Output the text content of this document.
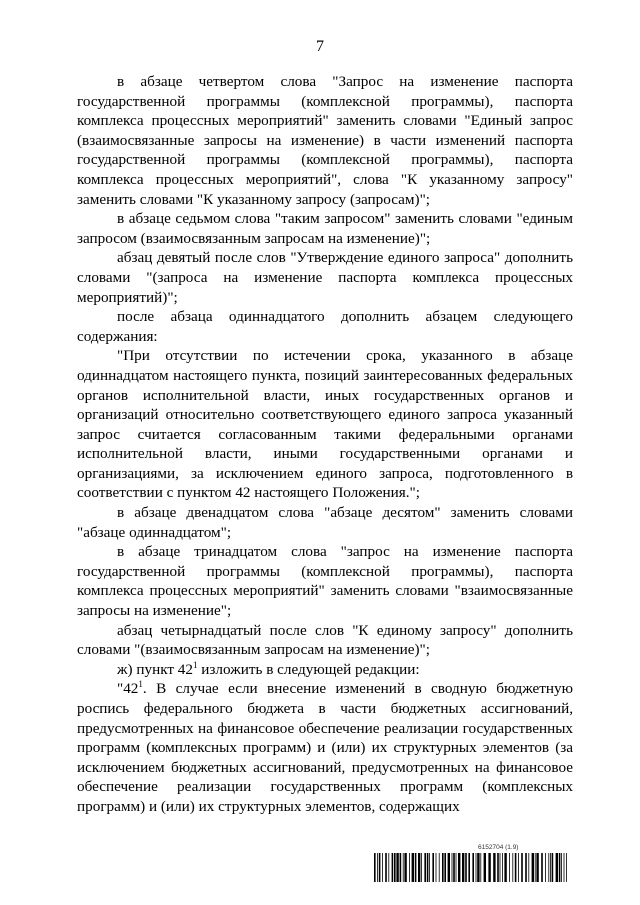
7

в абзаце четвертом слова "Запрос на изменение паспорта государственной программы (комплексной программы), паспорта комплекса процессных мероприятий" заменить словами "Единый запрос (взаимосвязанные запросы на изменение) в части изменений паспорта государственной программы (комплексной программы), паспорта комплекса процессных мероприятий", слова "К указанному запросу" заменить словами "К указанному запросу (запросам)";

в абзаце седьмом слова "таким запросом" заменить словами "единым запросом (взаимосвязанным запросам на изменение)";

абзац девятый после слов "Утверждение единого запроса" дополнить словами "(запроса на изменение паспорта комплекса процессных мероприятий)";

после абзаца одиннадцатого дополнить абзацем следующего содержания:

"При отсутствии по истечении срока, указанного в абзаце одиннадцатом настоящего пункта, позиций заинтересованных федеральных органов исполнительной власти, иных государственных органов и организаций относительно соответствующего единого запроса указанный запрос считается согласованным такими федеральными органами исполнительной власти, иными государственными органами и организациями, за исключением единого запроса, подготовленного в соответствии с пунктом 42 настоящего Положения.";

в абзаце двенадцатом слова "абзаце десятом" заменить словами "абзаце одиннадцатом";

в абзаце тринадцатом слова "запрос на изменение паспорта государственной программы (комплексной программы), паспорта комплекса процессных мероприятий" заменить словами "взаимосвязанные запросы на изменение";

абзац четырнадцатый после слов "К единому запросу" дополнить словами "(взаимосвязанным запросам на изменение)";

ж) пункт $42^1$ изложить в следующей редакции:

"$42^1$. В случае если внесение изменений в сводную бюджетную роспись федерального бюджета в части бюджетных ассигнований, предусмотренных на финансовое обеспечение реализации государственных программ (комплексных программ) и (или) их структурных элементов (за исключением бюджетных ассигнований, предусмотренных на финансовое обеспечение реализации государственных программ (комплексных программ) и (или) их структурных элементов, содержащих

6152704 (1.9)
